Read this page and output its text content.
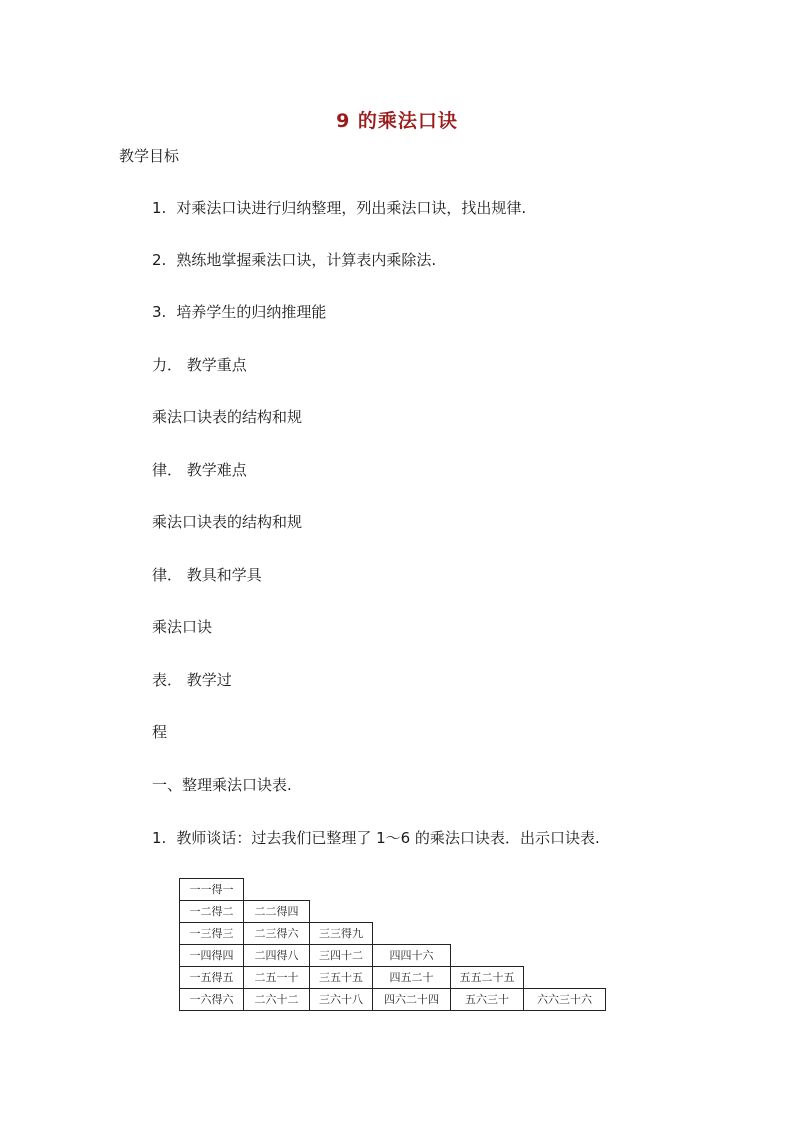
9 的乘法口诀
教学目标
1. 对乘法口诀进行归纳整理，列出乘法口诀，找出规律.
2. 熟练地掌握乘法口诀，计算表内乘除法.
3. 培养学生的归纳推理能
力． 教学重点
乘法口诀表的结构和规
律． 教学难点
乘法口诀表的结构和规
律． 教具和学具
乘法口诀
表． 教学过
程
一、整理乘法口诀表.
1. 教师谈话：过去我们已整理了 1～6 的乘法口诀表．出示口诀表.
一一得一					
一二得二	二二得四				
一三得三	二三得六	三三得九			
一四得四	二四得八	三四十二	四四十六		
一五得五	二五一十	三五十五	四五二十	五五二十五	
一六得六	二六十二	三六十八	四六二十四	五六三十	六六三十六
